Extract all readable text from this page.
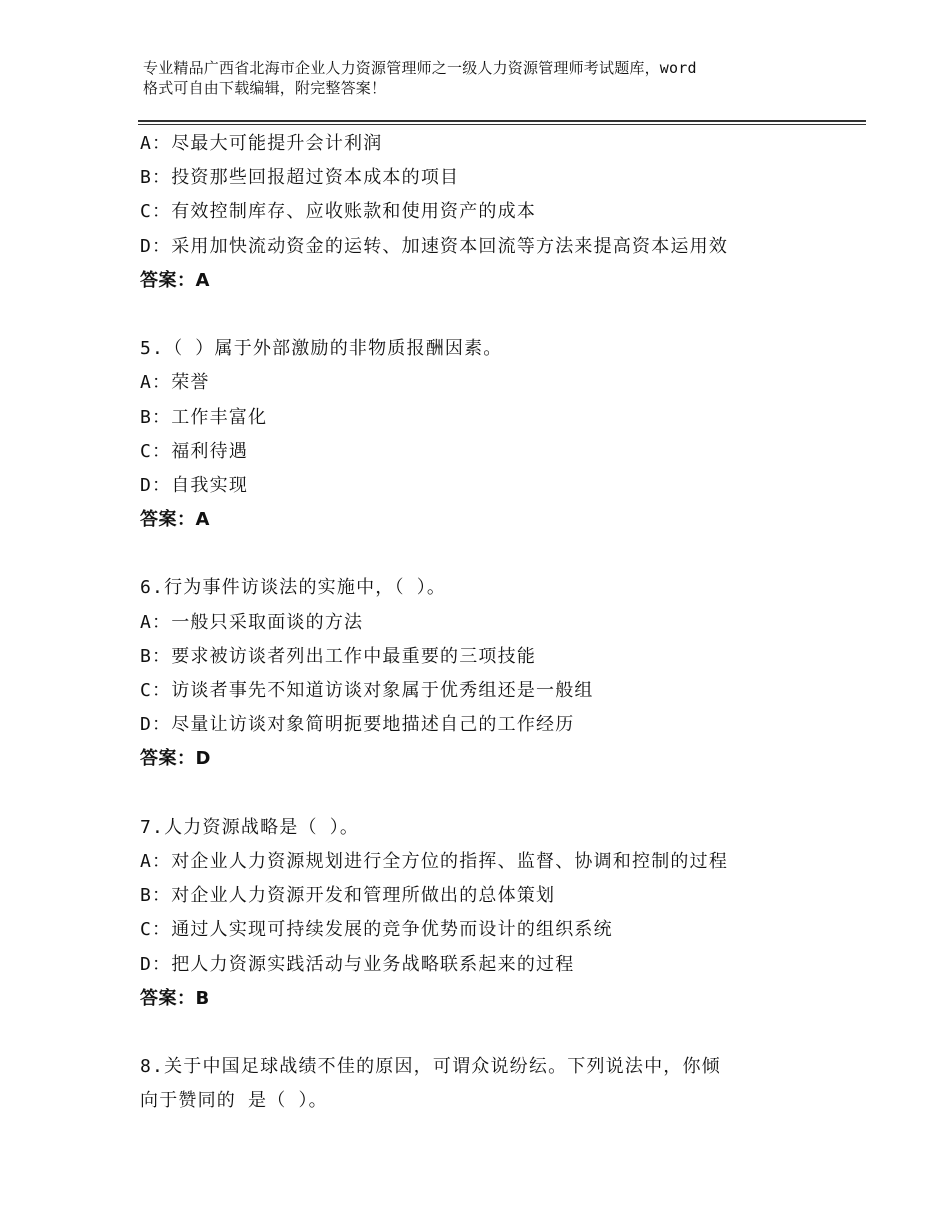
专业精品广西省北海市企业人力资源管理师之一级人力资源管理师考试题库，word
格式可自由下载编辑，附完整答案！
A：尽最大可能提升会计利润
B：投资那些回报超过资本成本的项目
C：有效控制库存、应收账款和使用资产的成本
D：采用加快流动资金的运转、加速资本回流等方法来提高资本运用效
答案：A
5.（ ）属于外部激励的非物质报酬因素。
A：荣誉
B：工作丰富化
C：福利待遇
D：自我实现
答案：A
6.行为事件访谈法的实施中，（ ）。
A：一般只采取面谈的方法
B：要求被访谈者列出工作中最重要的三项技能
C：访谈者事先不知道访谈对象属于优秀组还是一般组
D：尽量让访谈对象简明扼要地描述自己的工作经历
答案：D
7.人力资源战略是（ ）。
A：对企业人力资源规划进行全方位的指挥、监督、协调和控制的过程
B：对企业人力资源开发和管理所做出的总体策划
C：通过人实现可持续发展的竞争优势而设计的组织系统
D：把人力资源实践活动与业务战略联系起来的过程
答案：B
8.关于中国足球战绩不佳的原因，可谓众说纷纭。下列说法中，你倾
向于赞同的 是（ ）。
